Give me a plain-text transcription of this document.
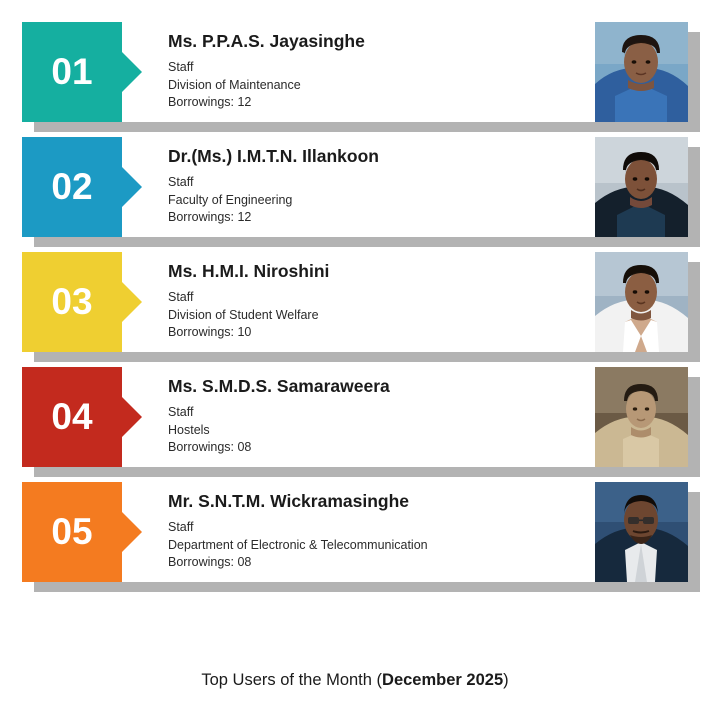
01
Ms. P.P.A.S. Jayasinghe
Staff
Division of Maintenance
Borrowings: 12
02
Dr.(Ms.) I.M.T.N. Illankoon
Staff
Faculty of Engineering
Borrowings: 12
03
Ms. H.M.I. Niroshini
Staff
Division of Student Welfare
Borrowings: 10
04
Ms. S.M.D.S. Samaraweera
Staff
Hostels
Borrowings: 08
05
Mr. S.N.T.M. Wickramasinghe
Staff
Department of Electronic & Telecommunication
Borrowings: 08
Top Users of the Month (December 2025)
